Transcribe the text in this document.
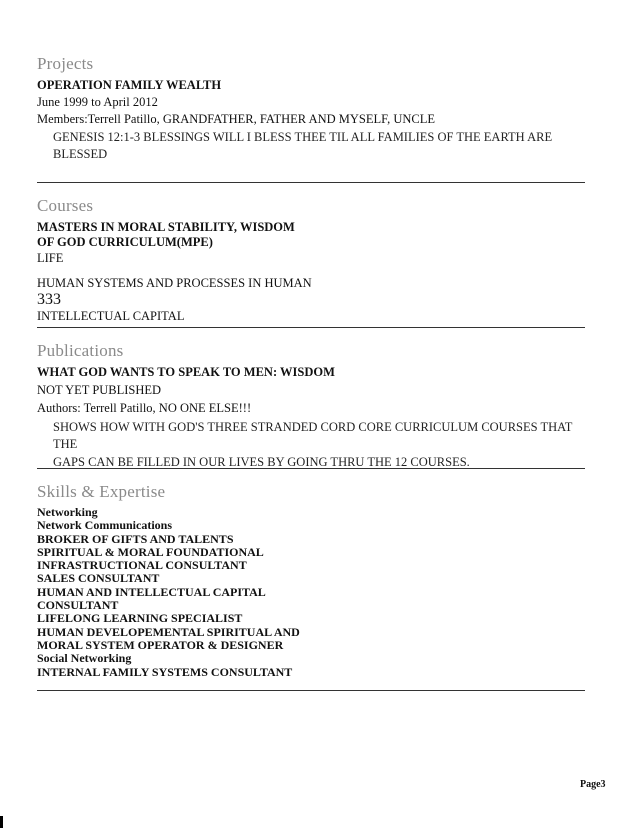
Projects
OPERATION FAMILY WEALTH
June 1999 to April 2012
Members:Terrell Patillo, GRANDFATHER, FATHER AND MYSELF, UNCLE
GENESIS 12:1-3 BLESSINGS WILL I BLESS THEE TIL ALL FAMILIES OF THE EARTH ARE
BLESSED
Courses
MASTERS IN MORAL STABILITY, WISDOM
OF GOD CURRICULUM(MPE)
LIFE
HUMAN SYSTEMS AND PROCESSES IN HUMAN
333
INTELLECTUAL CAPITAL
Publications
WHAT GOD WANTS TO SPEAK TO MEN: WISDOM
NOT YET PUBLISHED
Authors: Terrell Patillo, NO ONE ELSE!!!
SHOWS HOW WITH GOD'S THREE STRANDED CORD CORE CURRICULUM COURSES THAT THE
GAPS CAN BE FILLED IN OUR LIVES BY GOING THRU THE 12 COURSES.
Skills & Expertise
Networking
Network Communications
BROKER OF GIFTS AND TALENTS
SPIRITUAL & MORAL FOUNDATIONAL
INFRASTRUCTIONAL CONSULTANT
SALES CONSULTANT
HUMAN AND INTELLECTUAL CAPITAL
CONSULTANT
LIFELONG LEARNING SPECIALIST
HUMAN DEVELOPEMENTAL SPIRITUAL AND
MORAL SYSTEM OPERATOR & DESIGNER
Social Networking
INTERNAL FAMILY SYSTEMS CONSULTANT
Page3
